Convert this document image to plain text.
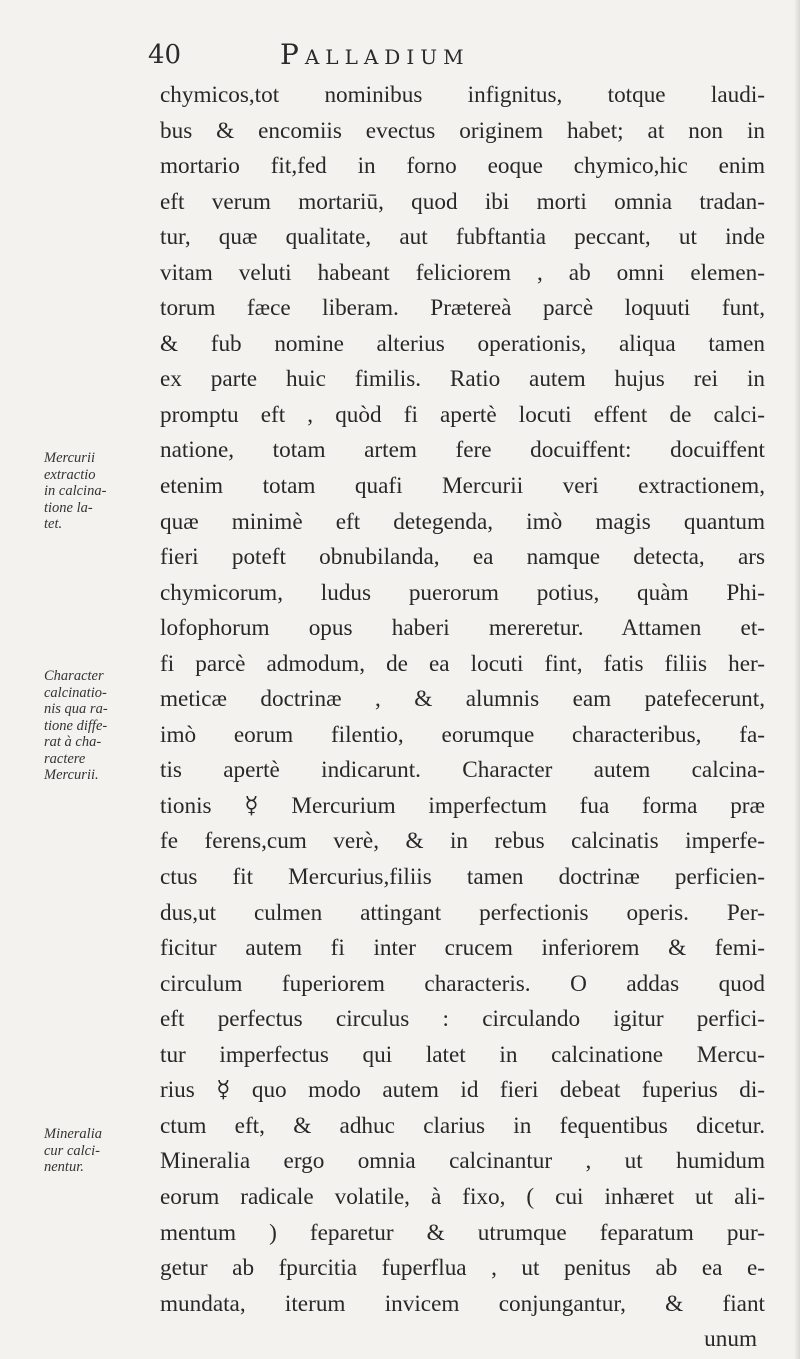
40	Palladium
chymicos,tot nominibus infignitus, totque laudi-
bus & encomiis evectus originem habet; at non in
mortario fit,fed in forno eoque chymico,hic enim
eft verum mortariū, quod ibi morti omnia tradan-
tur, quæ qualitate, aut fubftantia peccant, ut inde
vitam veluti habeant feliciorem , ab omni elemen-
torum fæce liberam. Prætereà parcè loquuti funt,
& fub nomine alterius operationis, aliqua tamen
ex parte huic fimilis. Ratio autem hujus rei in
promptu eft , quòd fi apertè locuti effent de calci-
natione, totam artem fere docuiffent: docuiffent
etenim totam quafi Mercurii veri extractionem,
quæ minimè eft detegenda, imò magis quantum
fieri poteft obnubilanda, ea namque detecta, ars
chymicorum, ludus puerorum potius, quàm Phi-
lofophorum opus haberi mereretur. Attamen et-
fi parcè admodum, de ea locuti fint, fatis filiis her-
meticæ doctrinæ , & alumnis eam patefecerunt,
imò eorum filentio, eorumque characteribus, fa-
tis apertè indicarunt. Character autem calcina-
tionis ☿ Mercurium imperfectum fua forma præ
fe ferens,cum verè, & in rebus calcinatis imperfe-
ctus fit Mercurius,filiis tamen doctrinæ perficien-
dus,ut culmen attingant perfectionis operis. Per-
ficitur autem fi inter crucem inferiorem & femi-
circulum fuperiorem characteris. O addas quod
eft perfectus circulus : circulando igitur perfici-
tur imperfectus qui latet in calcinatione Mercu-
rius ☿ quo modo autem id fieri debeat fuperius di-
ctum eft, & adhuc clarius in fequentibus dicetur.
Mineralia ergo omnia calcinantur , ut humidum
eorum radicale volatile, à fixo, ( cui inhæret ut ali-
mentum ) feparetur & utrumque feparatum pur-
getur ab fpurcitia fuperflua , ut penitus ab ea e-
mundata, iterum invicem conjungantur, & fiant
unum
Mercurii
extractio
in calcina-
tione la-
tet.
Character
calcinatio-
nis qua ra-
tione diffe-
rat à cha-
ractere
Mercurii.
Mineralia
cur calci-
nentur.
